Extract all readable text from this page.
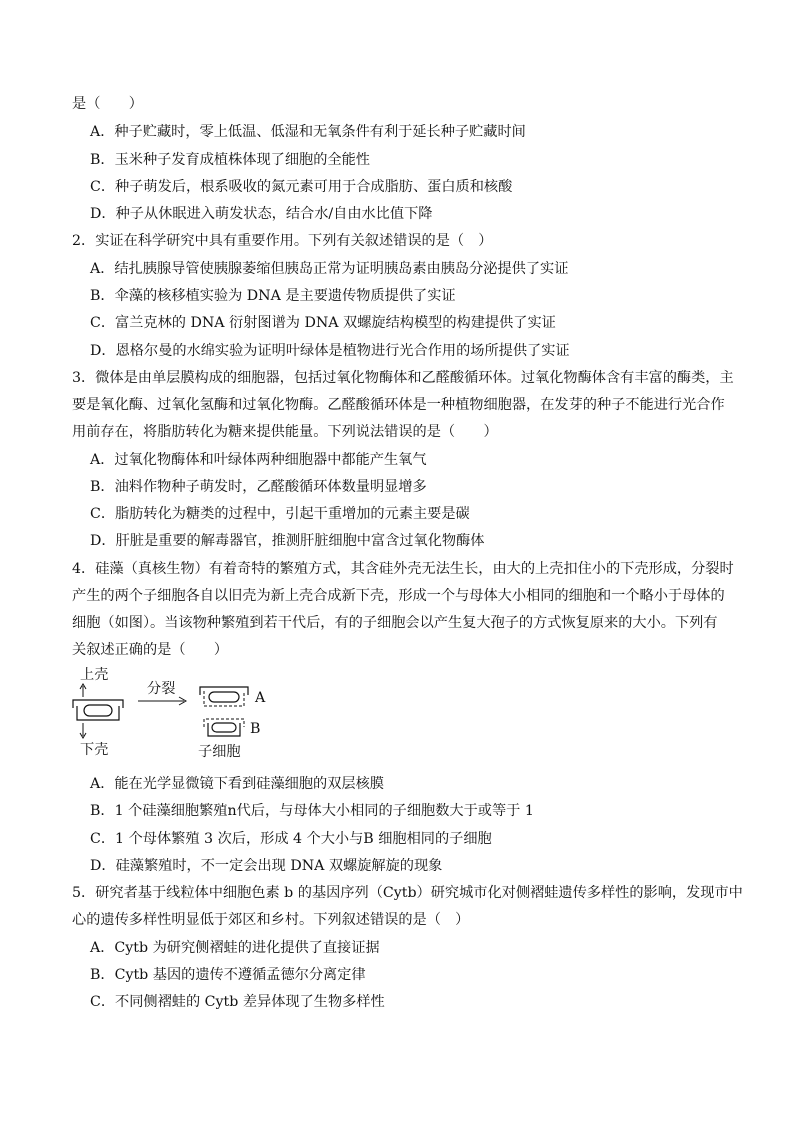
是（　　）
A．种子贮藏时，零上低温、低湿和无氧条件有利于延长种子贮藏时间
B．玉米种子发育成植株体现了细胞的全能性
C．种子萌发后，根系吸收的氮元素可用于合成脂肪、蛋白质和核酸
D．种子从休眠进入萌发状态，结合水/自由水比值下降
2．实证在科学研究中具有重要作用。下列有关叙述错误的是（　）
A．结扎胰腺导管使胰腺萎缩但胰岛正常为证明胰岛素由胰岛分泌提供了实证
B．伞藻的核移植实验为 DNA 是主要遗传物质提供了实证
C．富兰克林的 DNA 衍射图谱为 DNA 双螺旋结构模型的构建提供了实证
D．恩格尔曼的水绵实验为证明叶绿体是植物进行光合作用的场所提供了实证
3．微体是由单层膜构成的细胞器，包括过氧化物酶体和乙醛酸循环体。过氧化物酶体含有丰富的酶类，主
要是氧化酶、过氧化氢酶和过氧化物酶。乙醛酸循环体是一种植物细胞器，在发芽的种子不能进行光合作
用前存在，将脂肪转化为糖来提供能量。下列说法错误的是（　　）
A．过氧化物酶体和叶绿体两种细胞器中都能产生氧气
B．油料作物种子萌发时，乙醛酸循环体数量明显增多
C．脂肪转化为糖类的过程中，引起干重增加的元素主要是碳
D．肝脏是重要的解毒器官，推测肝脏细胞中富含过氧化物酶体
4．硅藻（真核生物）有着奇特的繁殖方式，其含硅外壳无法生长，由大的上壳扣住小的下壳形成，分裂时
产生的两个子细胞各自以旧壳为新上壳合成新下壳，形成一个与母体大小相同的细胞和一个略小于母体的
细胞（如图）。当该物种繁殖到若干代后，有的子细胞会以产生复大孢子的方式恢复原来的大小。下列有
关叙述正确的是（　　）
上壳
下壳
分裂
A
B
子细胞
A．能在光学显微镜下看到硅藻细胞的双层核膜
B．1 个硅藻细胞繁殖n代后，与母体大小相同的子细胞数大于或等于 1
C．1 个母体繁殖 3 次后，形成 4 个大小与B 细胞相同的子细胞
D．硅藻繁殖时，不一定会出现 DNA 双螺旋解旋的现象
5．研究者基于线粒体中细胞色素 b 的基因序列（Cytb）研究城市化对侧褶蛙遗传多样性的影响，发现市中
心的遗传多样性明显低于郊区和乡村。下列叙述错误的是（　）
A．Cytb 为研究侧褶蛙的进化提供了直接证据
B．Cytb 基因的遗传不遵循孟德尔分离定律
C．不同侧褶蛙的 Cytb 差异体现了生物多样性
